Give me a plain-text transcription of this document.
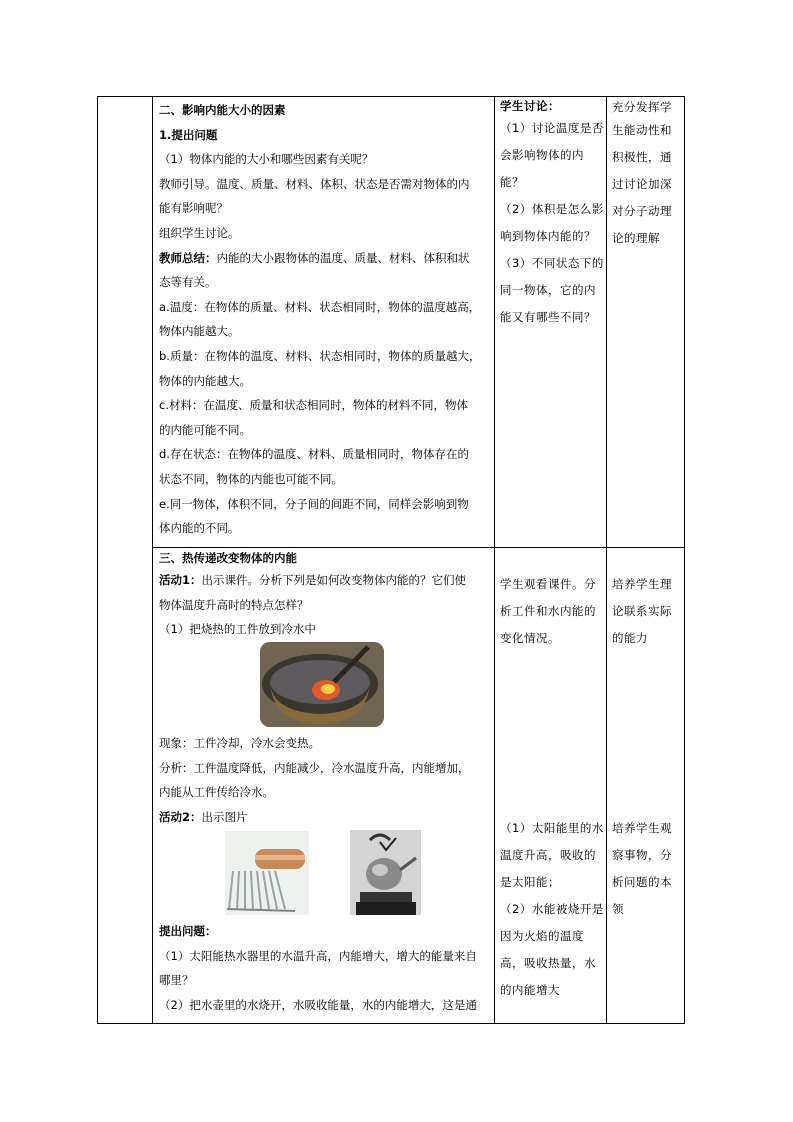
二、影响内能大小的因素

1.提出问题

（1）物体内能的大小和哪些因素有关呢？

教师引导。温度、质量、材料、体积、状态是否需对物体的内

能有影响呢？

组织学生讨论。

教师总结：内能的大小跟物体的温度、质量、材料、体积和状

态等有关。

a.温度：在物体的质量、材料、状态相同时，物体的温度越高，

物体内能越大。

b.质量：在物体的温度、材料、状态相同时，物体的质量越大，

物体的内能越大。

c.材料：在温度、质量和状态相同时，物体的材料不同，物体

的内能可能不同。

d.存在状态：在物体的温度、材料、质量相同时，物体存在的

状态不同，物体的内能也可能不同。

e.同一物体，体积不同，分子间的间距不同，同样会影响到物

体内能的不同。

学生讨论：

（1）讨论温度是否

会影响物体的内

能？

（2）体积是怎么影

响到物体内能的？

（3）不同状态下的

同一物体，它的内

能又有哪些不同？

充分发挥学

生能动性和

积极性，通

过讨论加深

对分子动理

论的理解

三、热传递改变物体的内能

活动1：出示课件。分析下列是如何改变物体内能的？它们使

物体温度升高时的特点怎样？

（1）把烧热的工件放到冷水中

现象：工件冷却，冷水会变热。

分析：工件温度降低，内能减少，冷水温度升高，内能增加，

内能从工件传给冷水。

活动2：出示图片

提出问题：

（1）太阳能热水器里的水温升高，内能增大，增大的能量来自

哪里？

（2）把水壶里的水烧开，水吸收能量，水的内能增大，这是通

学生观看课件。分

析工件和水内能的

变化情况。

（1）太阳能里的水

温度升高，吸收的

是太阳能；

（2）水能被烧开是

因为火焰的温度

高，吸收热量，水

的内能增大

培养学生理

论联系实际

的能力

培养学生观

察事物，分

析问题的本

领
